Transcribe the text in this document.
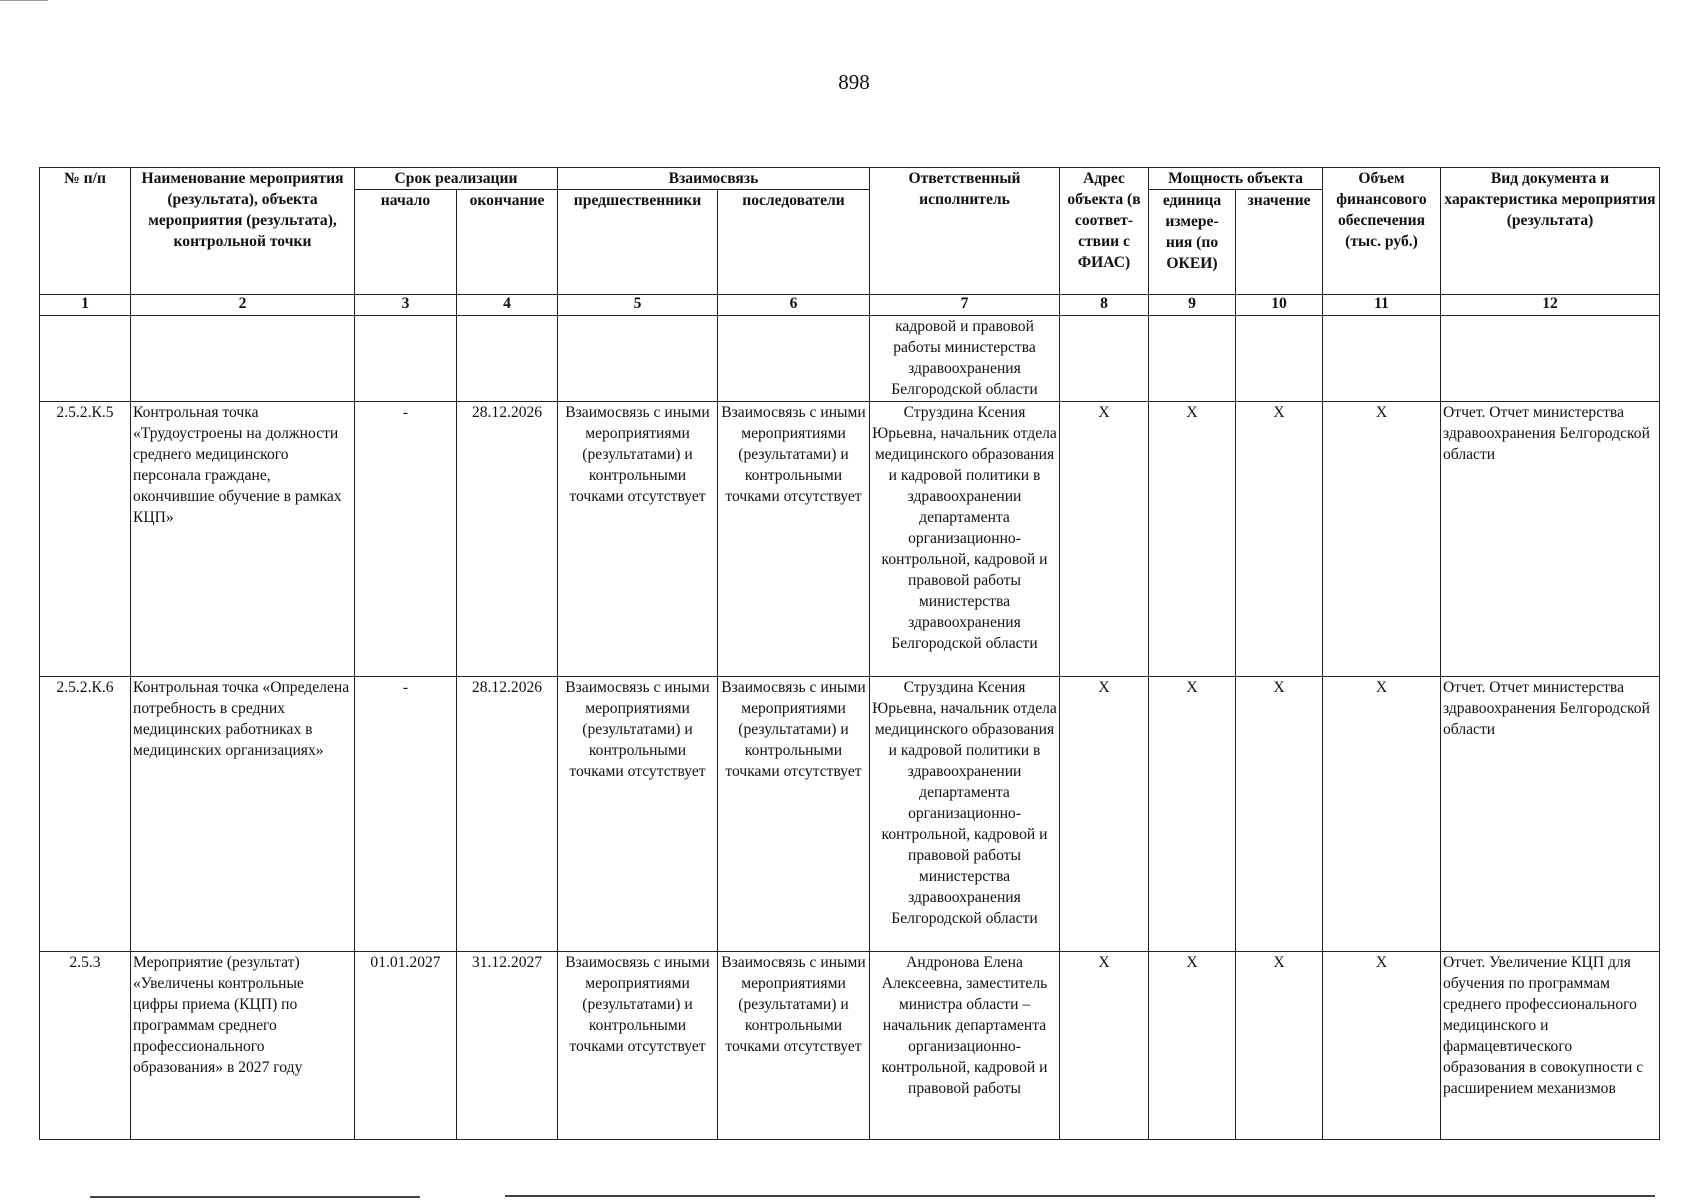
898
№ п/п	Наименование мероприятия (результата), объекта мероприятия (результата), контрольной точки	Срок реализации		Взаимосвязь		Ответственный исполнитель	Адрес объекта (в соответ- ствии с ФИАС)	Мощность объекта		Объем финансового обеспечения (тыс. руб.)	Вид документа и характеристика мероприятия (результата)
		начало	окончание	предшественники	последователи			единица измере- ния (по ОКЕИ)	значение		
1	2	3	4	5	6	7	8	9	10	11	12
						кадровой и правовой работы министерства здравоохранения Белгородской области					
2.5.2.К.5	Контрольная точка «Трудоустроены на должности среднего медицинского персонала граждане, окончившие обучение в рамках КЦП»	-	28.12.2026	Взаимосвязь с иными мероприятиями (результатами) и контрольными точками отсутствует	Взаимосвязь с иными мероприятиями (результатами) и контрольными точками отсутствует	Струздина Ксения Юрьевна, начальник отдела медицинского образования и кадровой политики в здравоохранении департамента организационно-контрольной, кадровой и правовой работы министерства здравоохранения Белгородской области	X	X	X	X	Отчет. Отчет министерства здравоохранения Белгородской области
2.5.2.К.6	Контрольная точка «Определена потребность в средних медицинских работниках в медицинских организациях»	-	28.12.2026	Взаимосвязь с иными мероприятиями (результатами) и контрольными точками отсутствует	Взаимосвязь с иными мероприятиями (результатами) и контрольными точками отсутствует	Струздина Ксения Юрьевна, начальник отдела медицинского образования и кадровой политики в здравоохранении департамента организационно-контрольной, кадровой и правовой работы министерства здравоохранения Белгородской области	X	X	X	X	Отчет. Отчет министерства здравоохранения Белгородской области
2.5.3	Мероприятие (результат) «Увеличены контрольные цифры приема (КЦП) по программам среднего профессионального образования» в 2027 году	01.01.2027	31.12.2027	Взаимосвязь с иными мероприятиями (результатами) и контрольными точками отсутствует	Взаимосвязь с иными мероприятиями (результатами) и контрольными точками отсутствует	Андронова Елена Алексеевна, заместитель министра области – начальник департамента организационно-контрольной, кадровой и правовой работы	X	X	X	X	Отчет. Увеличение КЦП для обучения по программам среднего профессионального медицинского и фармацевтического образования в совокупности с расширением механизмов
